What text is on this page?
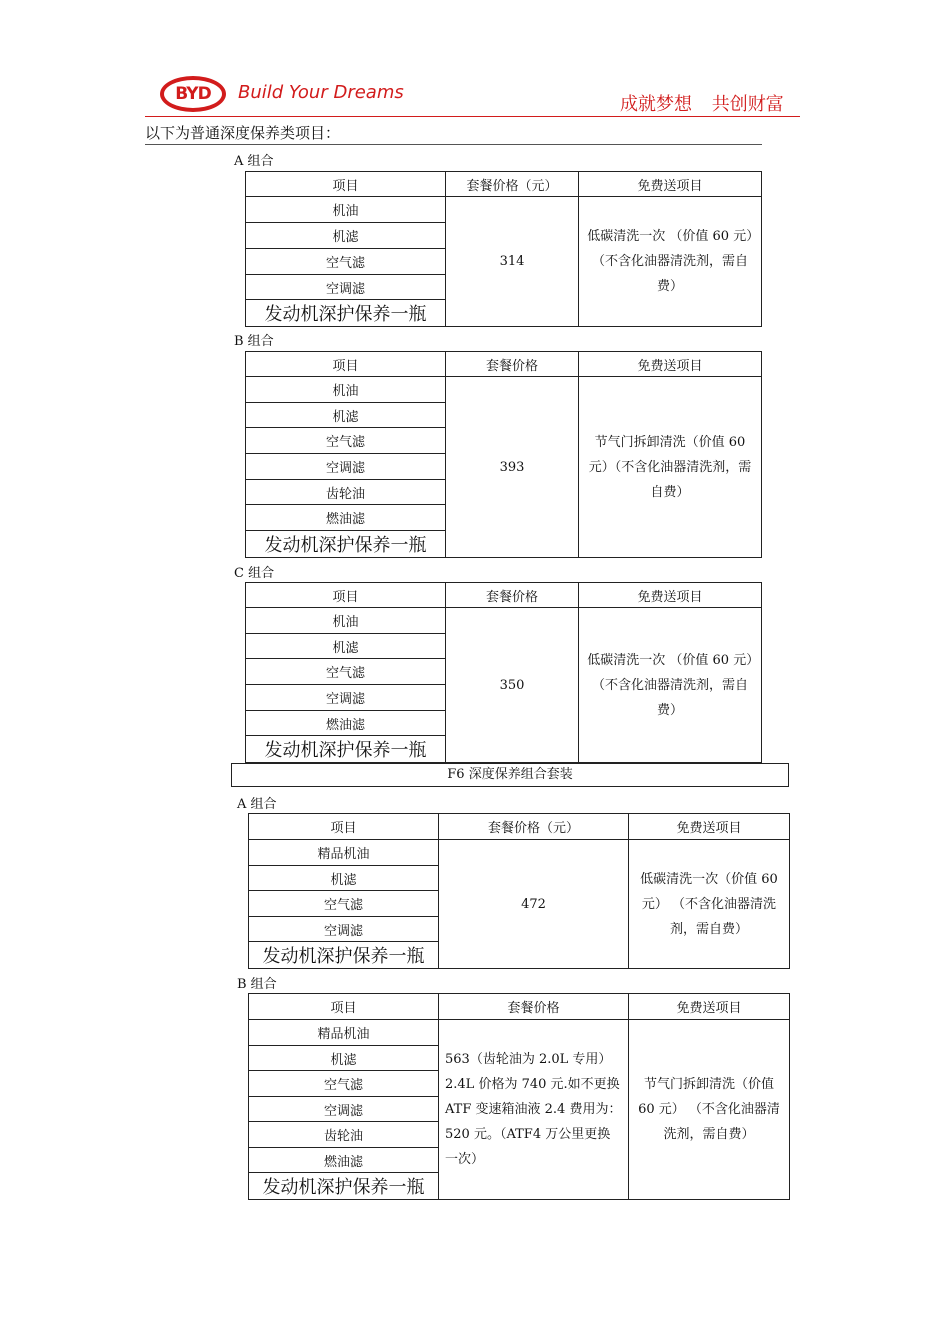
BYD	Build Your Dreams
成就梦想 共创财富
以下为普通深度保养类项目：
A 组合
项目	套餐价格（元）	免费送项目
机油	314	低碳清洗一次 （价值 60 元）（不含化油器清洗剂，需自费）
机滤		
空气滤		
空调滤		
发动机深护保养一瓶		
B 组合
项目	套餐价格	免费送项目
机油	393	节气门拆卸清洗（价值 60 元）（不含化油器清洗剂，需自费）
机滤		
空气滤		
空调滤		
齿轮油		
燃油滤		
发动机深护保养一瓶		
C 组合
项目	套餐价格	免费送项目
机油	350	低碳清洗一次 （价值 60 元）（不含化油器清洗剂，需自费）
机滤		
空气滤		
空调滤		
燃油滤		
发动机深护保养一瓶		
F6 深度保养组合套装
A 组合
项目	套餐价格（元）	免费送项目
精品机油	472	低碳清洗一次（价值 60 元） （不含化油器清洗剂，需自费）
机滤		
空气滤		
空调滤		
发动机深护保养一瓶		
B 组合
项目	套餐价格	免费送项目
精品机油	563（齿轮油为 2.0L 专用）2.4L 价格为 740 元.如不更换 ATF 变速箱油液 2.4 费用为：520 元。（ATF4 万公里更换一次）	节气门拆卸清洗（价值 60 元） （不含化油器清洗剂，需自费）
机滤		
空气滤		
空调滤		
齿轮油		
燃油滤		
发动机深护保养一瓶		
